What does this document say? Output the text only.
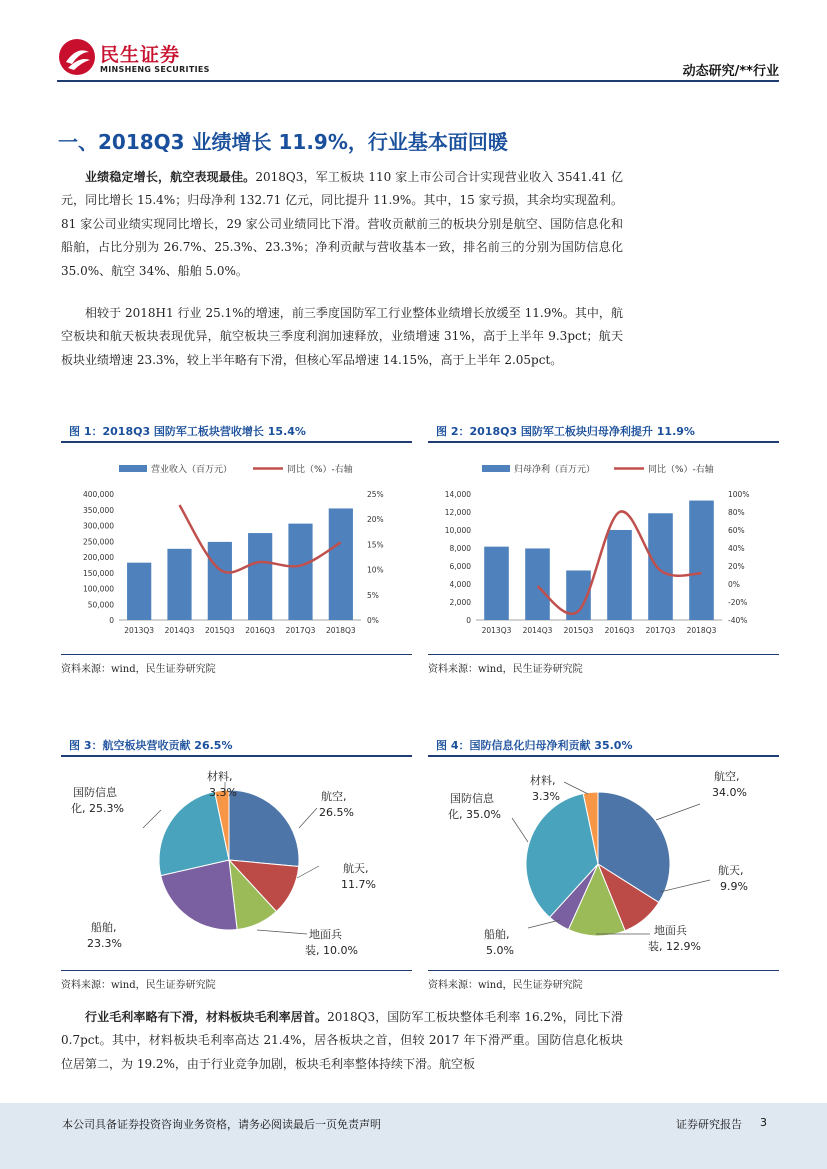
民生证券
MINSHENG SECURITIES	动态研究/**行业
一、2018Q3 业绩增长 11.9%，行业基本面回暖

业绩稳定增长，航空表现最佳。2018Q3，军工板块 110 家上市公司合计实现营业收入 3541.41 亿元，同比增长 15.4%；归母净利 132.71 亿元，同比提升 11.9%。其中，15 家亏损，其余均实现盈利。81 家公司业绩实现同比增长，29 家公司业绩同比下滑。营收贡献前三的板块分别是航空、国防信息化和船舶，占比分别为 26.7%、25.3%、23.3%；净利贡献与营收基本一致，排名前三的分别为国防信息化 35.0%、航空 34%、船舶 5.0%。

相较于 2018H1 行业 25.1%的增速，前三季度国防军工行业整体业绩增长放缓至 11.9%。其中，航空板块和航天板块表现优异，航空板块三季度利润加速释放，业绩增速 31%，高于上半年 9.3pct；航天板块业绩增速 23.3%，较上半年略有下滑，但核心军品增速 14.15%，高于上半年 2.05pct。

图 1：2018Q3 国防军工板块营收增长 15.4%
营业收入（百万元）	同比（%）-右轴
0
50,000
100,000
150,000
200,000
250,000
300,000
350,000
400,000
0%
5%
10%
15%
20%
25%
2013Q3 2014Q3 2015Q3 2016Q3 2017Q3 2018Q3
资料来源：wind，民生证券研究院
图 2：2018Q3 国防军工板块归母净利提升 11.9%
归母净利（百万元）	同比（%）-右轴
0
2,000
4,000
6,000
8,000
10,000
12,000
14,000
-40%
-20%
0%
20%
40%
60%
80%
100%
2013Q3 2014Q3 2015Q3 2016Q3 2017Q3 2018Q3
资料来源：wind，民生证券研究院
图 3：航空板块营收贡献 26.5%
航空, 26.5%
航天, 11.7%
地面兵装, 10.0%
船舶, 23.3%
国防信息化, 25.3%
材料, 3.3%
资料来源：wind，民生证券研究院
图 4：国防信息化归母净利贡献 35.0%
航空, 34.0%
航天, 9.9%
地面兵装, 12.9%
船舶, 5.0%
国防信息化, 35.0%
材料, 3.3%
资料来源：wind，民生证券研究院

行业毛利率略有下滑，材料板块毛利率居首。2018Q3，国防军工板块整体毛利率 16.2%，同比下滑 0.7pct。其中，材料板块毛利率高达 21.4%，居各板块之首，但较 2017 年下滑严重。国防信息化板块位居第二，为 19.2%，由于行业竞争加剧，板块毛利率整体持续下滑。航空板

本公司具备证券投资咨询业务资格，请务必阅读最后一页免责声明	证券研究报告 3
